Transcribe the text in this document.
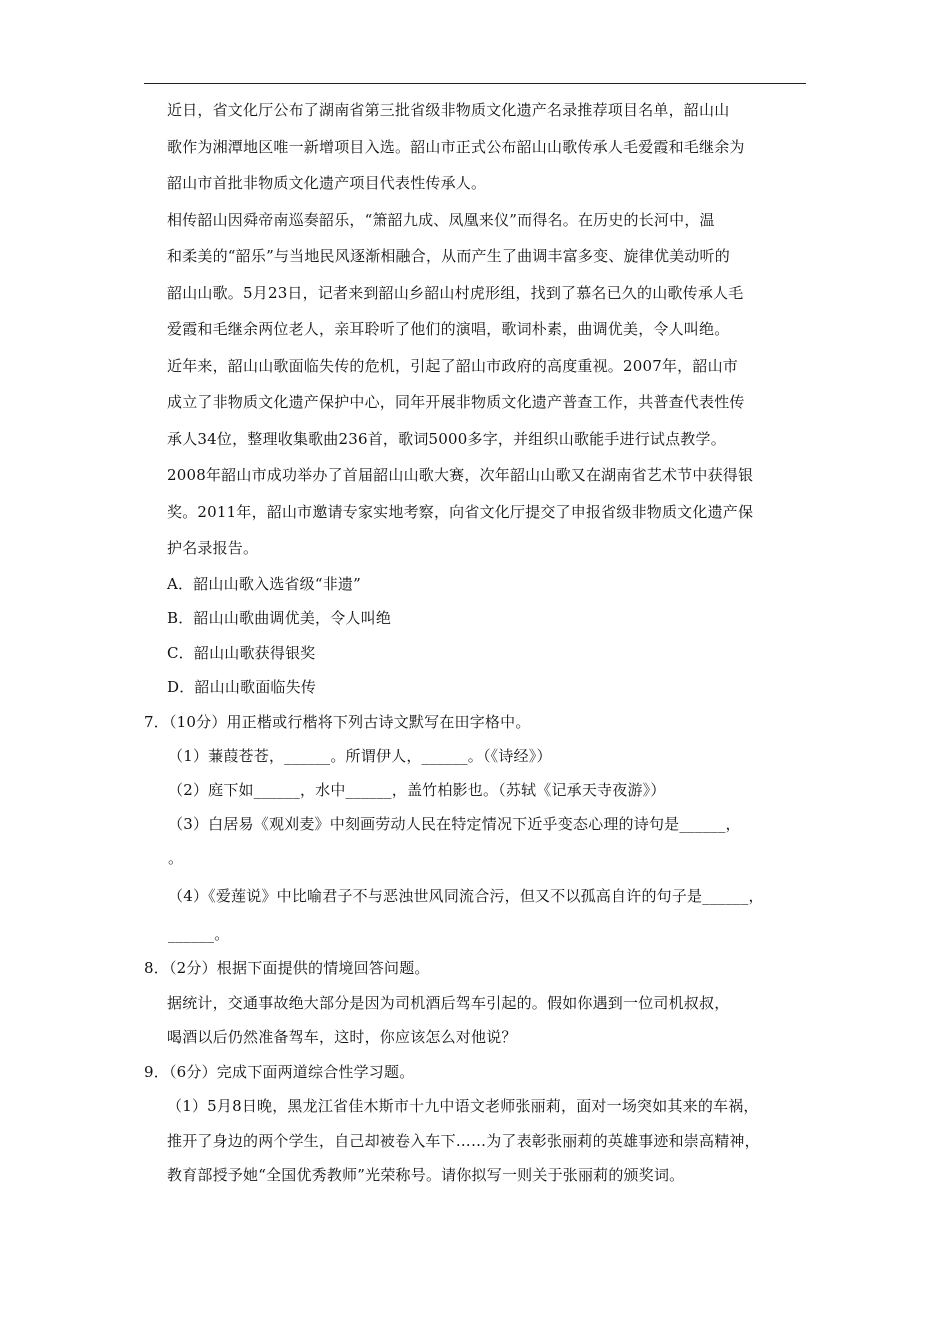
近日，省文化厅公布了湖南省第三批省级非物质文化遗产名录推荐项目名单，韶山山
歌作为湘潭地区唯一新增项目入选。韶山市正式公布韶山山歌传承人毛爱霞和毛继余为
韶山市首批非物质文化遗产项目代表性传承人。

相传韶山因舜帝南巡奏韶乐，“箫韶九成、凤凰来仪”而得名。在历史的长河中，温
和柔美的“韶乐”与当地民风逐渐相融合，从而产生了曲调丰富多变、旋律优美动听的
韶山山歌。5月23日，记者来到韶山乡韶山村虎形组，找到了慕名已久的山歌传承人毛
爱霞和毛继余两位老人，亲耳聆听了他们的演唱，歌词朴素，曲调优美，令人叫绝。

近年来，韶山山歌面临失传的危机，引起了韶山市政府的高度重视。2007年，韶山市
成立了非物质文化遗产保护中心，同年开展非物质文化遗产普查工作，共普查代表性传
承人34位，整理收集歌曲236首，歌词5000多字，并组织山歌能手进行试点教学。
2008年韶山市成功举办了首届韶山山歌大赛，次年韶山山歌又在湖南省艺术节中获得银
奖。2011年，韶山市邀请专家实地考察，向省文化厅提交了申报省级非物质文化遗产保
护名录报告。

A．韶山山歌入选省级“非遗”

B．韶山山歌曲调优美，令人叫绝

C．韶山山歌获得银奖

D．韶山山歌面临失传

7．（10分）用正楷或行楷将下列古诗文默写在田字格中。

（1）蒹葭苍苍，______。所谓伊人，______。（《诗经》）

（2）庭下如______，水中______，盖竹柏影也。（苏轼《记承天寺夜游》）

（3）白居易《观刈麦》中刻画劳动人民在特定情况下近乎变态心理的诗句是______，

。

（4）《爱莲说》中比喻君子不与恶浊世风同流合污，但又不以孤高自许的句子是______，

______。

8．（2分）根据下面提供的情境回答问题。

据统计，交通事故绝大部分是因为司机酒后驾车引起的。假如你遇到一位司机叔叔，
喝酒以后仍然准备驾车，这时，你应该怎么对他说？

9．（6分）完成下面两道综合性学习题。

（1）5月8日晚，黑龙江省佳木斯市十九中语文老师张丽莉，面对一场突如其来的车祸，
推开了身边的两个学生，自己却被卷入车下……为了表彰张丽莉的英雄事迹和崇高精神，
教育部授予她“全国优秀教师”光荣称号。请你拟写一则关于张丽莉的颁奖词。
